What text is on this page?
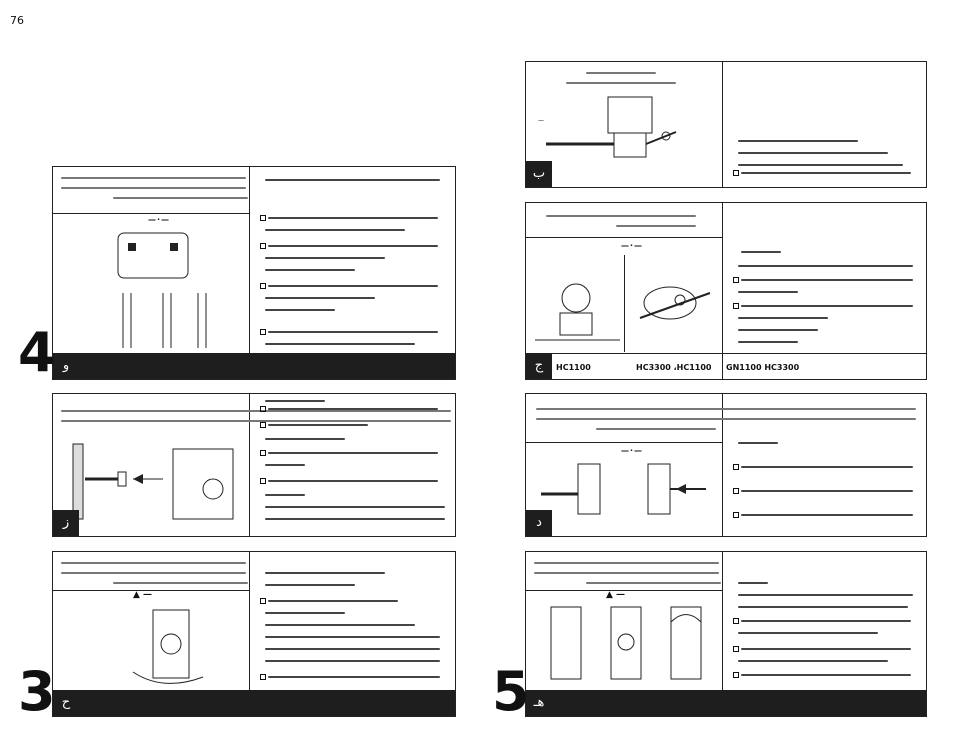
76
—
ب
—·—
HC1100	HC3300 ،HC1100 GN1100 HC3300
ج
—·—
د
▲ —
هـ
5
—·—
و
4
ز
▲ —
ح
3
